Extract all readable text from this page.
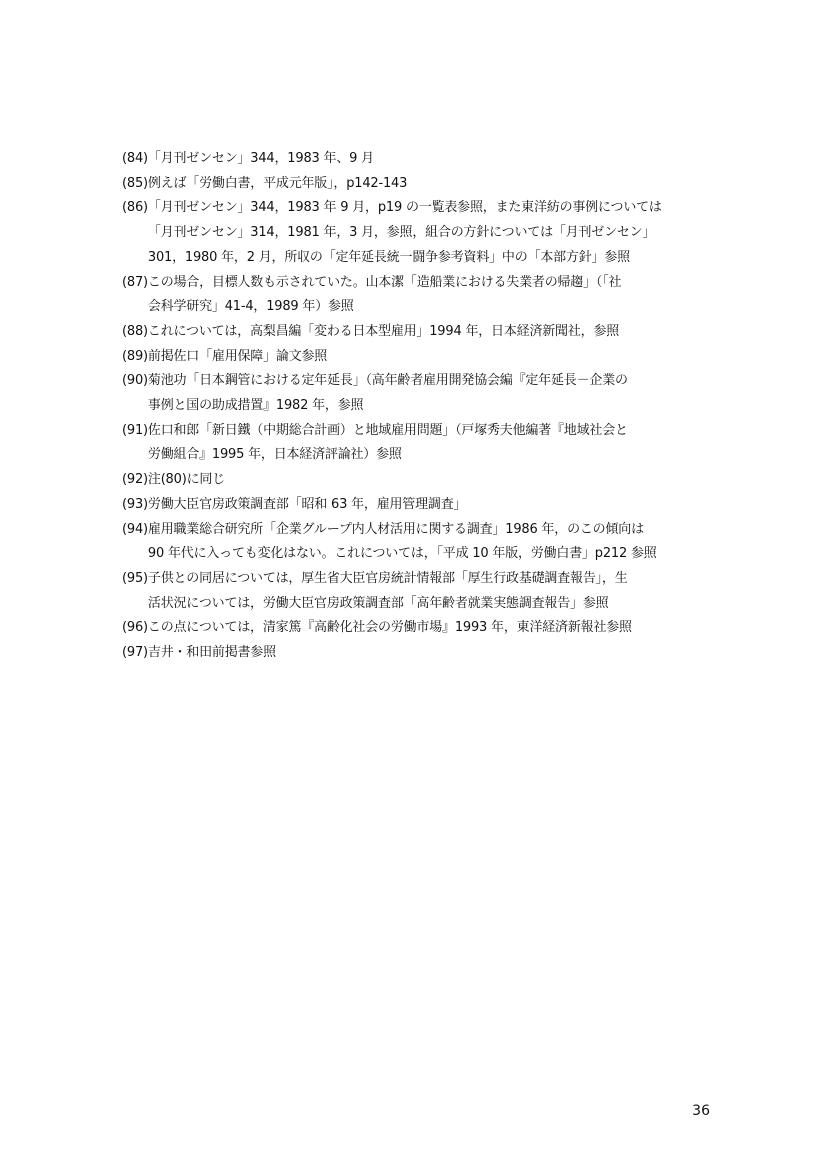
(84) 「月刊ゼンセン」344，1983 年、9 月
(85) 例えば「労働白書，平成元年版」，p142-143
(86) 「月刊ゼンセン」344，1983 年 9 月，p19 の一覧表参照，また東洋紡の事例については
「月刊ゼンセン」314，1981 年，3 月，参照，組合の方針については「月刊ゼンセン」
301，1980 年，2 月，所収の「定年延長統一闘争参考資料」中の「本部方針」参照
(87) この場合，目標人数も示されていた。山本潔「造船業における失業者の帰趨」（「社
会科学研究」41-4，1989 年）参照
(88) これについては，高梨昌編「変わる日本型雇用」1994 年，日本経済新聞社，参照
(89) 前掲佐口「雇用保障」論文参照
(90) 菊池功「日本鋼管における定年延長」（高年齢者雇用開発協会編『定年延長－企業の
事例と国の助成措置』1982 年，参照
(91) 佐口和郎「新日鐵（中期総合計画）と地域雇用問題」（戸塚秀夫他編著『地域社会と
労働組合』1995 年，日本経済評論社）参照
(92) 注(80)に同じ
(93) 労働大臣官房政策調査部「昭和 63 年，雇用管理調査」
(94) 雇用職業総合研究所「企業グループ内人材活用に関する調査」1986 年，のこの傾向は
90 年代に入っても変化はない。これについては，「平成 10 年版，労働白書」p212 参照
(95) 子供との同居については，厚生省大臣官房統計情報部「厚生行政基礎調査報告」，生
活状況については，労働大臣官房政策調査部「高年齢者就業実態調査報告」参照
(96) この点については，清家篤『高齢化社会の労働市場』1993 年，東洋経済新報社参照
(97) 吉井・和田前掲書参照
36
